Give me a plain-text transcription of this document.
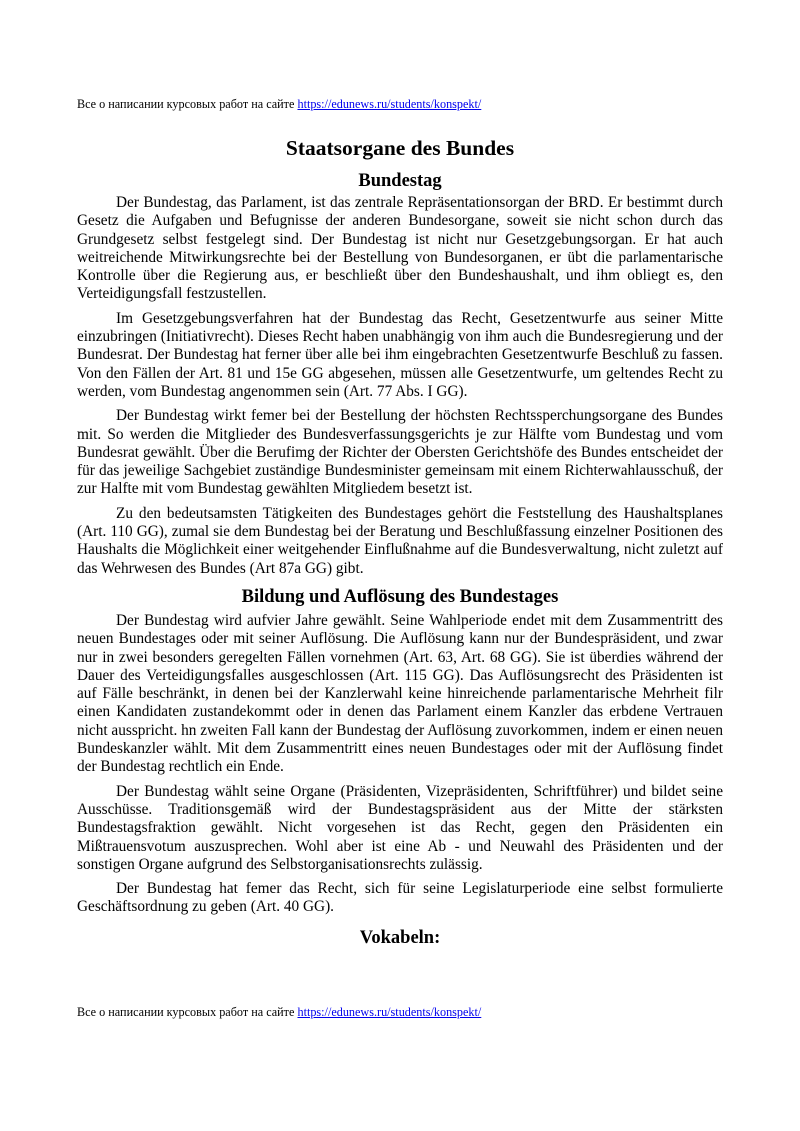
Все о написании курсовых работ на сайте https://edunews.ru/students/konspekt/
Staatsorgane des Bundes
Bundestag

Der Bundestag, das Parlament, ist das zentrale Repräsentationsorgan der BRD. Er bestimmt durch Gesetz die Aufgaben und Befugnisse der anderen Bundesorgane, soweit sie nicht schon durch das Grundgesetz selbst festgelegt sind. Der Bundestag ist nicht nur Gesetzgebungsorgan. Er hat auch weitreichende Mitwirkungsrechte bei der Bestellung von Bundesorganen, er übt die parlamentarische Kontrolle über die Regierung aus, er beschließt über den Bundeshaushalt, und ihm obliegt es, den Verteidigungsfall festzustellen.

Im Gesetzgebungsverfahren hat der Bundestag das Recht, Gesetzentwurfe aus seiner Mitte einzubringen (Initiativrecht). Dieses Recht haben unabhängig von ihm auch die Bundesregierung und der Bundesrat. Der Bundestag hat ferner über alle bei ihm eingebrachten Gesetzentwurfe Beschluß zu fassen. Von den Fällen der Art. 81 und 15e GG abgesehen, müssen alle Gesetzentwurfe, um geltendes Recht zu werden, vom Bundestag angenommen sein (Art. 77 Abs. I GG).

Der Bundestag wirkt femer bei der Bestellung der höchsten Rechtssperchungsorgane des Bundes mit. So werden die Mitglieder des Bundesverfassungsgerichts je zur Hälfte vom Bundestag und vom Bundesrat gewählt. Über die Berufimg der Richter der Obersten Gerichtshöfe des Bundes entscheidet der für das jeweilige Sachgebiet zuständige Bundesminister gemeinsam mit einem Richterwahlausschuß, der zur Halfte mit vom Bundestag gewählten Mitgliedem besetzt ist.

Zu den bedeutsamsten Tätigkeiten des Bundestages gehört die Feststellung des Haushaltsplanes (Art. 110 GG), zumal sie dem Bundestag bei der Beratung und Beschlußfassung einzelner Positionen des Haushalts die Möglichkeit einer weitgehender Einflußnahme auf die Bundesverwaltung, nicht zuletzt auf das Wehrwesen des Bundes (Art 87a GG) gibt.

Bildung und Auflösung des Bundestages

Der Bundestag wird aufvier Jahre gewählt. Seine Wahlperiode endet mit dem Zusammentritt des neuen Bundestages oder mit seiner Auflösung. Die Auflösung kann nur der Bundespräsident, und zwar nur in zwei besonders geregelten Fällen vornehmen (Art. 63, Art. 68 GG). Sie ist überdies während der Dauer des Verteidigungsfalles ausgeschlossen (Art. 115 GG). Das Auflösungsrecht des Präsidenten ist auf Fälle beschränkt, in denen bei der Kanzlerwahl keine hinreichende parlamentarische Mehrheit filr einen Kandidaten zustandekommt oder in denen das Parlament einem Kanzler das erbdene Vertrauen nicht ausspricht. hn zweiten Fall kann der Bundestag der Auflösung zuvorkommen, indem er einen neuen Bundeskanzler wählt. Mit dem Zusammentritt eines neuen Bundestages oder mit der Auflösung findet der Bundestag rechtlich ein Ende.

Der Bundestag wählt seine Organe (Präsidenten, Vizepräsidenten, Schriftführer) und bildet seine Ausschüsse. Traditionsgemäß wird der Bundestagspräsident aus der Mitte der stärksten Bundestagsfraktion gewählt. Nicht vorgesehen ist das Recht, gegen den Präsidenten ein Mißtrauensvotum auszusprechen. Wohl aber ist eine Ab - und Neuwahl des Präsidenten und der sonstigen Organe aufgrund des Selbstorganisationsrechts zulässig.

Der Bundestag hat femer das Recht, sich für seine Legislaturperiode eine selbst formulierte Geschäftsordnung zu geben (Art. 40 GG).

Vokabeln:
Все о написании курсовых работ на сайте https://edunews.ru/students/konspekt/
